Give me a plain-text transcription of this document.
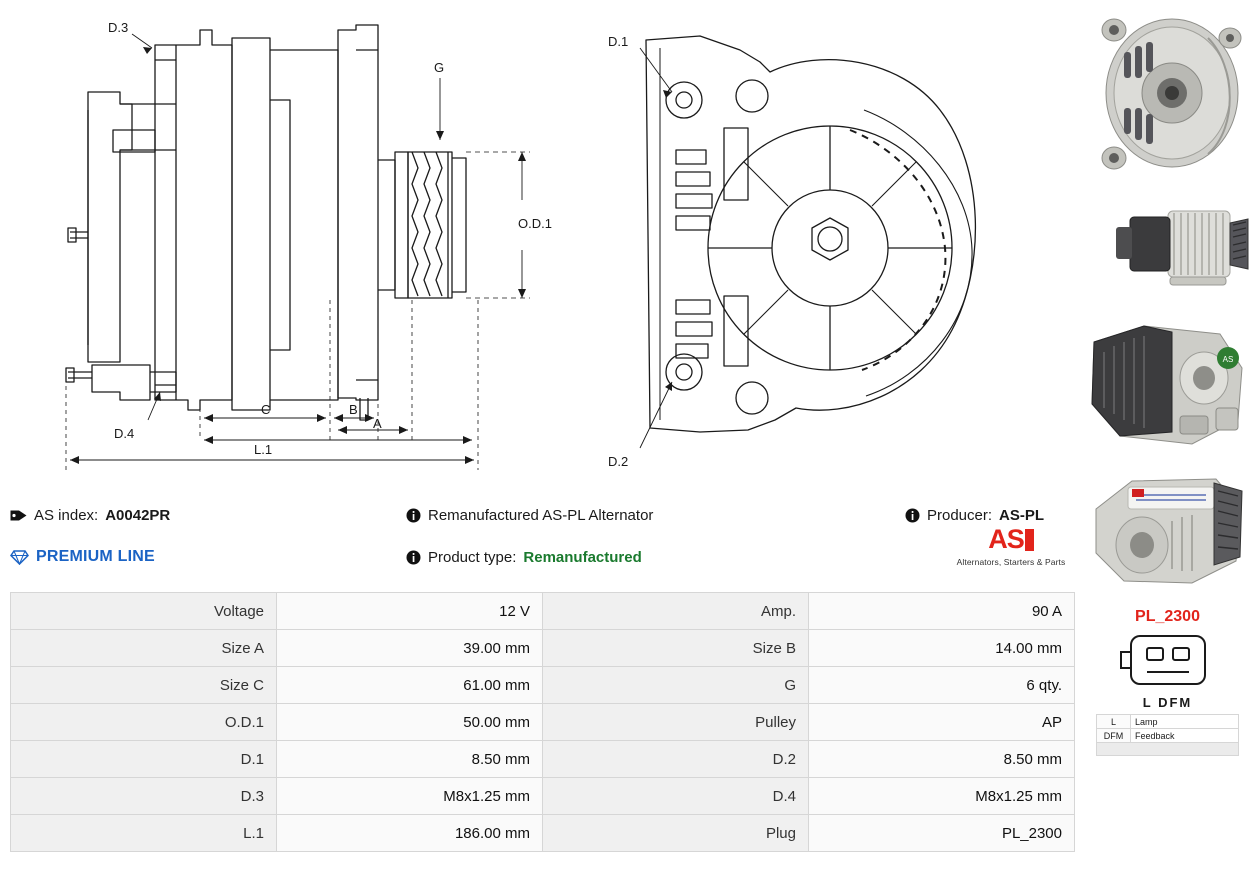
D.3
D.4
G
O.D.1
A
B
C
L.1
D.1
D.2
AS index: A0042PR	Remanufactured AS-PL Alternator	Producer: AS-PL
PREMIUM LINE	Product type: Remanufactured
AS
Alternators, Starters & Parts
Voltage	12 V	Amp.	90 A
Size A	39.00 mm	Size B	14.00 mm
Size C	61.00 mm	G	6 qty.
O.D.1	50.00 mm	Pulley	AP
D.1	8.50 mm	D.2	8.50 mm
D.3	M8x1.25 mm	D.4	M8x1.25 mm
L.1	186.00 mm	Plug	PL_2300
AS
PL_2300
L DFM
L	Lamp
DFM	Feedback
